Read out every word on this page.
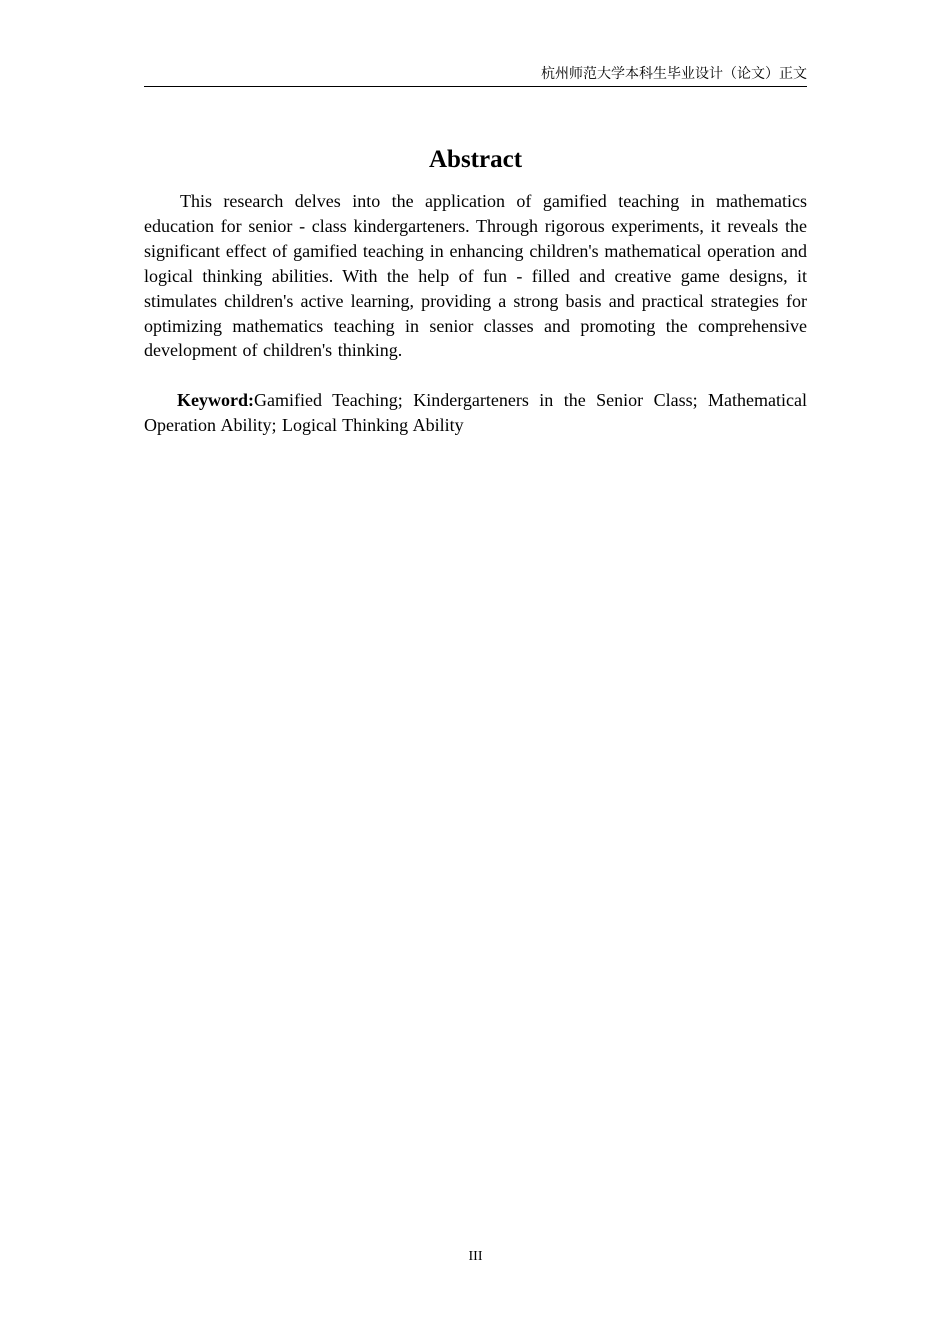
杭州师范大学本科生毕业设计（论文）正文
Abstract

This research delves into the application of gamified teaching in mathematics education for senior - class kindergarteners. Through rigorous experiments, it reveals the significant effect of gamified teaching in enhancing children's mathematical operation and logical thinking abilities. With the help of fun - filled and creative game designs, it stimulates children's active learning, providing a strong basis and practical strategies for optimizing mathematics teaching in senior classes and promoting the comprehensive development of children's thinking.

Keyword:Gamified Teaching; Kindergarteners in the Senior Class; Mathematical Operation Ability; Logical Thinking Ability

III
